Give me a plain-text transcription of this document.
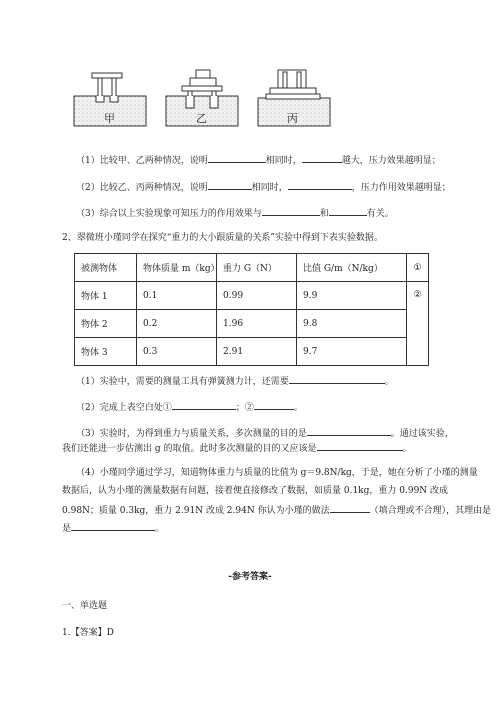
甲	乙	丙
（1）比较甲、乙两种情况，说明	相同时，	越大，压力效果越明显；
（2）比较乙、丙两种情况，说明	相同时，	，压力作用效果越明显；
（3）综合以上实验现象可知压力的作用效果与	和	有关。
2、翠微班小瑾同学在探究“重力的大小跟质量的关系”实验中得到下表实验数据。
被测物体	物体质量 m（kg）	重力 G（N）	比值 G/m（N/kg）	①
物体 1	0.1	0.99	9.9	②
物体 2	0.2	1.96	9.8	
物体 3	0.3	2.91	9.7	
（1）实验中，需要的测量工具有弹簧测力计，还需要	。
（2）完成上表空白处①	；②	。
（3）实验时，为得到重力与质量关系，多次测量的目的是	。通过该实验，
我们还能进一步估测出 g 的取值。此时多次测量的目的又应该是	。
（4）小瑾同学通过学习，知道物体重力与质量的比值为 g＝9.8N/kg，于是，她在分析了小瑾的测量
数据后，认为小瑾的测量数据有问题，接着便直接修改了数据，如质量 0.1kg，重力 0.99N 改成
0.98N；质量 0.3kg，重力 2.91N 改成 2.94N 你认为小瑾的做法	（填合理或不合理），其理由是
是	。
-参考答案-
一、单选题
1.【答案】D
